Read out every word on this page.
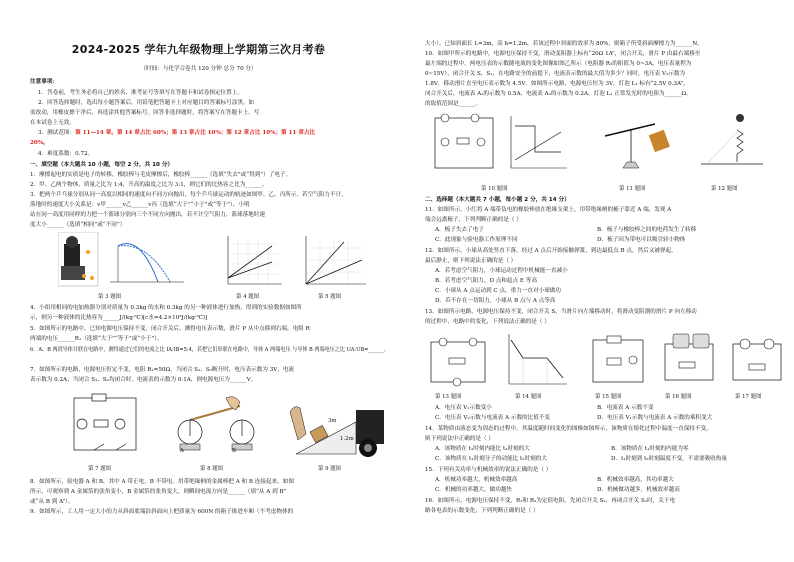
2024-2025 学年九年级物理上学期第三次月考卷
（时间：与化学合卷共 120 分钟 总分 70 分）
注意事项：
1．答卷前，考生务必将自己的姓名、准考证号等填写在答题卡和试卷指定位置上。
2．回答选择题时，选出每小题答案后，用铅笔把答题卡上对应题目的答案标号涂黑。如
需改动，用橡皮擦干净后，再选涂其他答案标号。回答非选择题时，将答案写在答题卡上。写
在本试卷上无效。
3．测试范围：第 11—14 章。第 14 章占比 60%；第 13 章占比 10%；第 12 章占比 10%；第 11 章占比
20%。
4．难度系数：0.72。
一、填空题（本大题共 10 小题，每空 2 分，共 10 分）
1．摩擦起电的实质是电子的转移，橡胶棒与毛皮摩擦后，橡胶棒______（选填“失去”或“得到”）了电子。
2．甲、乙两个物体，质量之比为 1:4，升高的温度之比为 3:1，则它们的比热容之比为______。
3．把两个乒乓球分别从同一高度以相同的速度向不同方向抛出，每个乒乓球运动的轨迹如图甲、乙、丙所示。若空气阻力不计，
落地时的速度大小关系是：v甲______v乙______v丙（选填“大于”“小于”或“等于”），小明
站在同一高度用同样的力把一个篮球分别向三个不同方向抛出。若不计空气阻力，篮球落地时速
度大小______（选填“相同”或“不同”）
第 3 题图	第 4 题图	第 5 题图
4．小组用相同的电加热器分别对质量为 0.3kg 的水和 0.3kg 的另一种液体进行加热，得到的实验数据如图所
示，则另一种液体的比热容为______J/(kg·℃)[c水=4.2×10³J/(kg·℃)]
5．如图所示的电路中，已知电源电压保持不变，闭合开关后，测得电压表示数，滑片 P 从中点移到右端，电阻 R
两端的电压______R₁（选填“大于”“等于”或“小于”）。
6．A、B 两段导体并联在电路中，测得通过它们的电流之比 IA:IB=5:4，若把它们串联在电路中，导体 A 两端电压 与导体 B 两端电压之比 UA:UB=______。
7．如图所示的电路，电源电压恒定不变，电阻 R₁=50Ω，当闭合 S₁、S₂断开时，电压表示数为 3V，电流
表示数为 0.2A；当闭合 S₁、S₂均闭合时，电流表的示数为 0.1A，则电源电压为______V。
第 7 题图
A	B
第 8 题图
3m
1.2m
第 9 题图
8．如图所示，验电器 A 和 B，其中 A 带正电，B 不带电，用带绝缘柄的金属棒把 A 和 B 连接起来，如图
所示，可观察到 A 金属箔的张角变小，B 金属箔的张角变大，则瞬间电流方向是______（填“从 A 到 B”
或“从 B 到 A”）。
9．如图所示，工人用一定大小的力从斜面底端沿斜面向上把质量为 600N 的箱子推进车厢（不考虑物体的
大小）。已知斜面长 L=3m，高 h=1.2m，若该过程中斜面的效率为 80%，则箱子所受斜面摩擦力为______N。
10．如图甲所示的电路中，电源电压保持不变，滑动变阻器上标有“20Ω 1A”，闭合开关，滑片 P 由最右端移至
最左端的过程中，两电压表的示数随电流的变化图像如图乙所示（电阻器 R₂的阻值为 0~3A，电压表量程为
0~15V），闭合开关 S，S₁，在电路安全的前提下，电流表示数的最大值为多少？同时，电压表 V₂示数为
1.8V，移动滑片直至电压表示数为 4.5V。如图所示电路，电源电压恒为 3V，灯泡 L₁ 标有“2.5V 0.3A”。
闭合开关后，电流表 A₁的示数为 0.5A，电流表 A₂的示数为 0.2A。灯泡 L₁ 正常发光时的电阻为______Ω。
的取值范围是______。
第 10 题图	第 11 题图	第 12 题图
二、选择题（本大题共 7 小题，每小题 2 分，共 14 分）
11．如图所示，小红将 A 端带负电的橡胶棒放在绝缘支架上，用带绝缘柄的梳子靠近 A 端，发现 A
端会远离梳子，下列判断正确的是（ ）
A．梳子失去了电子	B．梳子与橡胶棒之间的电荷发生了转移
C．此现象与验电器工作原理不同	D．梳子因为带电可以吸引轻小物体
12．如图所示，小球从高处竖直下落，经过 A 点后开始接触弹簧，到达最低点 B 点，然后又被弹起，
最后静止，则下列说法正确的是（ ）
A．若考虑空气阻力，小球运动过程中机械能一直减小
B．若考虑空气阻力，D 点和起点 E 等高
C．小球从 A 点运动到 C 点，重力一直对小球做功
D．若不存在一切阻力，小球从 B 点与 A 点等高
13．如图所示电路，电源电压保持不变，闭合开关 S，当滑片向左端移动时，将滑动变阻器的滑片 P 向左移动
的过程中，电路中的变化，下列说法正确的是（ ）
第 13 题图	第 14 题图	第 15 题图	第 16 题图	第 17 题图
A．电压表 V₁示数变小	B．电流表 A 示数不变
C．电压表 V₂示数与电流表 A 示数的比值不变	D．电压表 V₁示数与电流表 A 示数的乘积变大
14．某物质由液态变为固态的过程中，其温度随时间变化的图像如图所示，该物质在熔化过程中温度一直保持不变，
则下列说法中正确的是（ ）
A．该物质在 t₂时刻内能比 t₃时刻的大	B．该物质在 t₁时刻的内能为零
C．该物质在 t₁时刻分子的动能比 t₂时刻的大	D．t₁时刻到 t₃时刻温度不变，不需要吸收热量
15．下列有关功率与机械效率的说法正确的是（ ）
A．机械功率越大，机械效率越高	B．机械效率越高，其功率越大
C．机械的功率越大，做功越快	D．机械做功越多，机械效率越高
16．如图所示，电源电压保持不变，R₁和 R₂为定值电阻，先闭合开关 S₁，再闭合开关 S₂时，关于电
路各电表的示数变化，下列判断正确的是（ ）
